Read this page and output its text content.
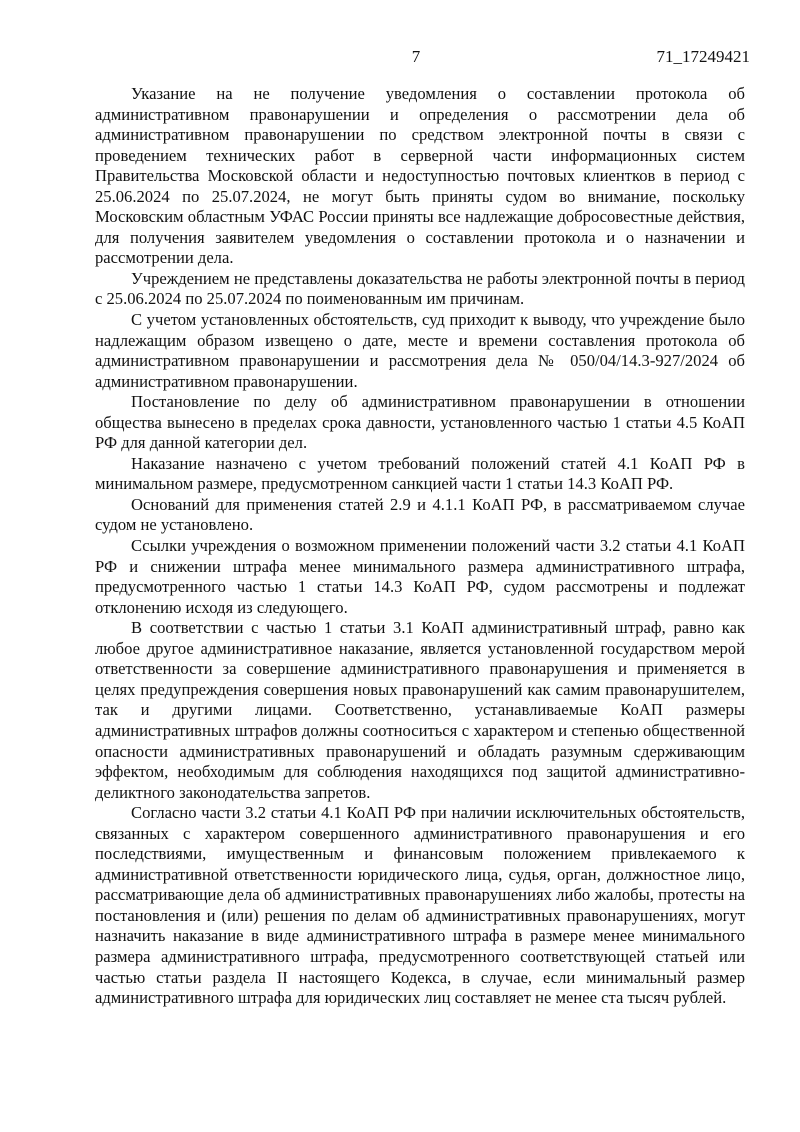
7	71_17249421

Указание на не получение уведомления о составлении протокола об административном правонарушении и определения о рассмотрении дела об административном правонарушении по средством электронной почты в связи с проведением технических работ в серверной части информационных систем Правительства Московской области и недоступностью почтовых клиентков в период с 25.06.2024 по 25.07.2024, не могут быть приняты судом во внимание, поскольку Московским областным УФАС России приняты все надлежащие добросовестные действия, для получения заявителем уведомления о составлении протокола и о назначении и рассмотрении дела.

Учреждением не представлены доказательства не работы электронной почты в период с 25.06.2024 по 25.07.2024 по поименованным им причинам.

С учетом установленных обстоятельств, суд приходит к выводу, что учреждение было надлежащим образом извещено о дате, месте и времени составления протокола об административном правонарушении и рассмотрения дела № 050/04/14.3-927/2024 об административном правонарушении.

Постановление по делу об административном правонарушении в отношении общества вынесено в пределах срока давности, установленного частью 1 статьи 4.5 КоАП РФ для данной категории дел.

Наказание назначено с учетом требований положений статей 4.1 КоАП РФ в минимальном размере, предусмотренном санкцией части 1 статьи 14.3 КоАП РФ.

Оснований для применения статей 2.9 и 4.1.1 КоАП РФ, в рассматриваемом случае судом не установлено.

Ссылки учреждения о возможном применении положений части 3.2 статьи 4.1 КоАП РФ и снижении штрафа менее минимального размера административного штрафа, предусмотренного частью 1 статьи 14.3 КоАП РФ, судом рассмотрены и подлежат отклонению исходя из следующего.

В соответствии с частью 1 статьи 3.1 КоАП административный штраф, равно как любое другое административное наказание, является установленной государством мерой ответственности за совершение административного правонарушения и применяется в целях предупреждения совершения новых правонарушений как самим правонарушителем, так и другими лицами. Соответственно, устанавливаемые КоАП размеры административных штрафов должны соотноситься с характером и степенью общественной опасности административных правонарушений и обладать разумным сдерживающим эффектом, необходимым для соблюдения находящихся под защитой административно-деликтного законодательства запретов.

Согласно части 3.2 статьи 4.1 КоАП РФ при наличии исключительных обстоятельств, связанных с характером совершенного административного правонарушения и его последствиями, имущественным и финансовым положением привлекаемого к административной ответственности юридического лица, судья, орган, должностное лицо, рассматривающие дела об административных правонарушениях либо жалобы, протесты на постановления и (или) решения по делам об административных правонарушениях, могут назначить наказание в виде административного штрафа в размере менее минимального размера административного штрафа, предусмотренного соответствующей статьей или частью статьи раздела II настоящего Кодекса, в случае, если минимальный размер административного штрафа для юридических лиц составляет не менее ста тысяч рублей.
